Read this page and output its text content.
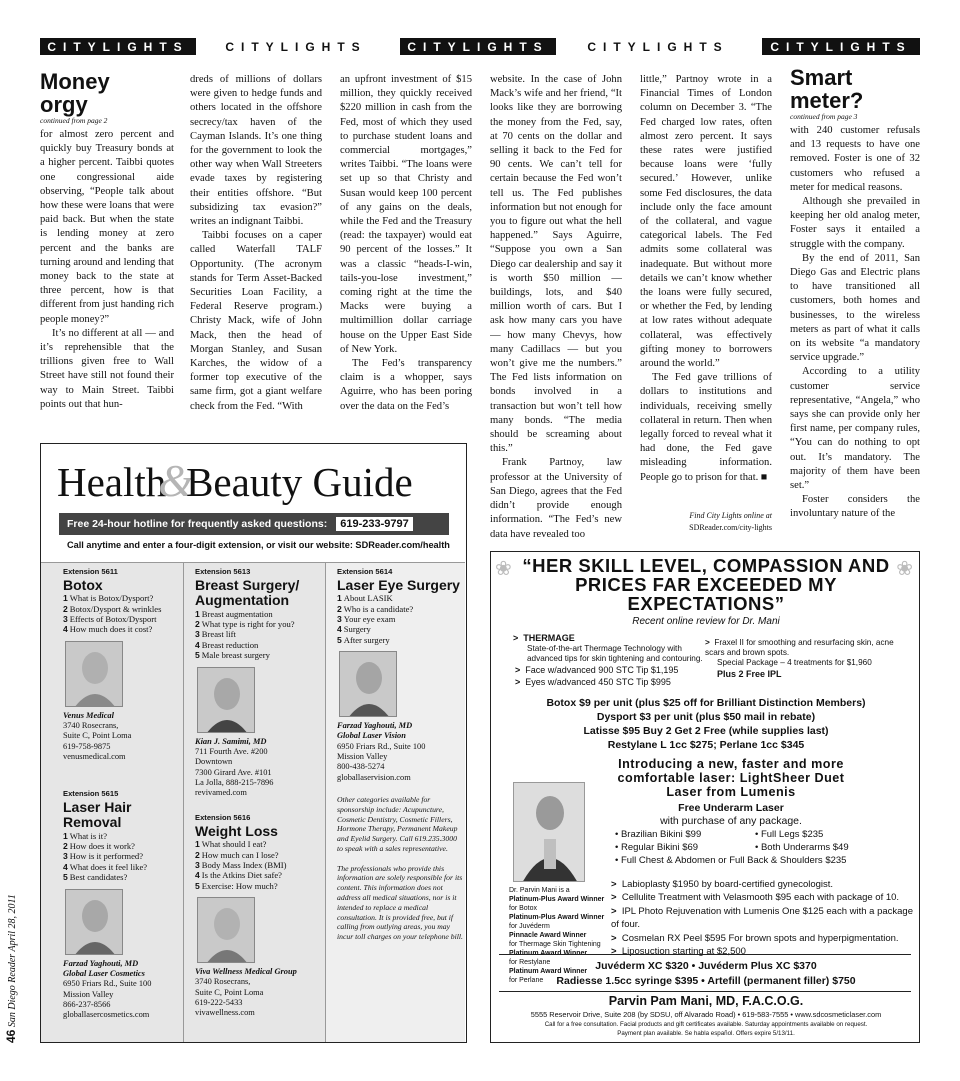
CITYLIGHTS	CITYLIGHTS	CITYLIGHTS	CITYLIGHTS	CITYLIGHTS
Money orgy
continued from page 2

for almost zero percent and quickly buy Treasury bonds at a higher percent. Taibbi quotes one congressional aide observing, “People talk about how these were loans that were paid back. But when the state is lending money at zero percent and the banks are turning around and lending that money back to the state at three percent, how is that different from just handing rich people money?”

It’s no different at all — and it’s reprehensible that the trillions given free to Wall Street have still not found their way to Main Street. Taibbi points out that hun-

dreds of millions of dollars were given to hedge funds and others located in the offshore secrecy/tax haven of the Cayman Islands. It’s one thing for the government to look the other way when Wall Streeters evade taxes by registering their entities offshore. “But subsidizing tax evasion?” writes an indignant Taibbi.

Taibbi focuses on a caper called Waterfall TALF Opportunity. (The acronym stands for Term Asset-Backed Securities Loan Facility, a Federal Reserve program.) Christy Mack, wife of John Mack, then the head of Morgan Stanley, and Susan Karches, the widow of a former top executive of the same firm, got a giant welfare check from the Fed. “With

an upfront investment of $15 million, they quickly received $220 million in cash from the Fed, most of which they used to purchase student loans and commercial mortgages,” writes Taibbi. “The loans were set up so that Christy and Susan would keep 100 percent of any gains on the deals, while the Fed and the Treasury (read: the taxpayer) would eat 90 percent of the losses.” It was a classic “heads-I-win, tails-you-lose investment,” coming right at the time the Macks were buying a multimillion dollar carriage house on the Upper East Side of New York.

The Fed’s transparency claim is a whopper, says Aguirre, who has been poring over the data on the Fed’s

website. In the case of John Mack’s wife and her friend, “It looks like they are borrowing the money from the Fed, say, at 70 cents on the dollar and selling it back to the Fed for 90 cents. We can’t tell for certain because the Fed won’t tell us. The Fed publishes information but not enough for you to figure out what the hell happened.” Says Aguirre, “Suppose you own a San Diego car dealership and say it is worth $50 million — buildings, lots, and $40 million worth of cars. But I ask how many cars you have — how many Chevys, how many Cadillacs — but you won’t give me the numbers.” The Fed lists information on bonds involved in a transaction but won’t tell how many bonds. “The media should be screaming about this.”

Frank Partnoy, law professor at the University of San Diego, agrees that the Fed didn’t provide enough information. “The Fed’s new data have revealed too

little,” Partnoy wrote in a Financial Times of London column on December 3. “The Fed charged low rates, often almost zero percent. It says these rates were justified because loans were ‘fully secured.’ However, unlike some Fed disclosures, the data include only the face amount of the collateral, and vague categorical labels. The Fed admits some collateral was inadequate. But without more details we can’t know whether the loans were fully secured, or whether the Fed, by lending at low rates without adequate collateral, was effectively gifting money to borrowers around the world.”

The Fed gave trillions of dollars to institutions and individuals, receiving smelly collateral in return. Then when legally forced to reveal what it had done, the Fed gave misleading information. People go to prison for that. ■

Find City Lights online at
SDReader.com/city-lights
Smart meter?
continued from page 3

with 240 customer refusals and 13 requests to have one removed. Foster is one of 32 customers who refused a meter for medical reasons.

Although she prevailed in keeping her old analog meter, Foster says it entailed a struggle with the company.

By the end of 2011, San Diego Gas and Electric plans to have transitioned all customers, both homes and businesses, to the wireless meters as part of what it calls on its website “a mandatory service upgrade.”

According to a utility customer service representative, “Angela,” who says she can provide only her first name, per company rules, “You can do nothing to opt out. It’s mandatory. The majority of them have been set.”

Foster considers the involuntary nature of the

Health&Beauty Guide
Free 24-hour hotline for frequently asked questions:	619-233-9797
Call anytime and enter a four-digit extension, or visit our website: SDReader.com/health
Extension 5611
Botox
1 What is Botox/Dysport?
2 Botox/Dysport & wrinkles
3 Effects of Botox/Dysport
4 How much does it cost?
Venus Medical
3740 Rosecrans,
Suite C, Point Loma
619-758-9875
venusmedical.com
Extension 5613
Breast Surgery/ Augmentation
1 Breast augmentation
2 What type is right for you?
3 Breast lift
4 Breast reduction
5 Male breast surgery
Kian J. Samimi, MD
711 Fourth Ave. #200
Downtown
7300 Girard Ave. #101
La Jolla, 888-215-7896
revivamed.com
Extension 5614
Laser Eye Surgery
1 About LASIK
2 Who is a candidate?
3 Your eye exam
4 Surgery
5 After surgery
Farzad Yaghouti, MD
Global Laser Vision
6950 Friars Rd., Suite 100
Mission Valley
800-438-5274
globallaservision.com
Other categories available for sponsorship include: Acupuncture, Cosmetic Dentistry, Cosmetic Fillers, Hormone Therapy, Permanent Makeup and Eyelid Surgery. Call 619.235.3000 to speak with a sales representative.
The professionals who provide this information are solely responsible for its content. This information does not address all medical situations, nor is it intended to replace a medical consultation. It is provided free, but if calling from outlying areas, you may incur toll charges on your telephone bill.
Extension 5615
Laser Hair Removal
1 What is it?
2 How does it work?
3 How is it performed?
4 What does it feel like?
5 Best candidates?
Farzad Yaghouti, MD
Global Laser Cosmetics
6950 Friars Rd., Suite 100
Mission Valley
866-237-8566
globallasercosmetics.com
Extension 5616
Weight Loss
1 What should I eat?
2 How much can I lose?
3 Body Mass Index (BMI)
4 Is the Atkins Diet safe?
5 Exercise: How much?
Viva Wellness Medical Group
3740 Rosecrans,
Suite C, Point Loma
619-222-5433
vivawellness.com
46 San Diego Reader April 28, 2011
❀	❀
“HER SKILL LEVEL, COMPASSION AND PRICES FAR EXCEEDED MY EXPECTATIONS”
Recent online review for Dr. Mani
>  THERMAGE
State-of-the-art Thermage Technology with advanced tips for skin tightening and contouring.
>  Face w/advanced 900 STC Tip $1,195
>  Eyes w/advanced 450 STC Tip $995
>  Fraxel II for smoothing and resurfacing skin, acne scars and brown spots.
Special Package – 4 treatments for $1,960
Plus 2 Free IPL
Botox $9 per unit (plus $25 off for Brilliant Distinction Members)
Dysport $3 per unit (plus $50 mail in rebate)
Latisse $95 Buy 2 Get 2 Free (while supplies last)
Restylane L 1cc $275; Perlane 1cc $345
Introducing a new, faster and more comfortable laser: LightSheer Duet Laser from Lumenis
Free Underarm Laser
with purchase of any package.
• Brazilian Bikini $99	• Full Legs $235
• Regular Bikini $69	• Both Underarms $49
• Full Chest & Abdomen or Full Back & Shoulders $235
Dr. Parvin Mani is a
Platinum-Plus Award Winner
for Botox
Platinum-Plus Award Winner
for Juvéderm
Pinnacle Award Winner
for Thermage Skin Tightening
Platinum Award Winner
for Restylane
Platinum Award Winner
for Perlane
>  Labioplasty $1950 by board-certified gynecologist.
>  Cellulite Treatment with Velasmooth $95 each with package of 10.
>  IPL Photo Rejuvenation with Lumenis One $125 each with a package of four.
>  Cosmelan RX Peel $595 For brown spots and hyperpigmentation.
>  Liposuction starting at $2,500
Juvéderm XC $320 • Juvéderm Plus XC $370
Radiesse 1.5cc syringe $395 • Artefill (permanent filler) $750
Parvin Pam Mani, MD, F.A.C.O.G.
5555 Reservoir Drive, Suite 208 (by SDSU, off Alvarado Road) • 619-583-7555 • www.sdcosmeticlaser.com
Call for a free consultation. Facial products and gift certificates available. Saturday appointments available on request.
Payment plan available. Se habla español. Offers expire 5/13/11.
